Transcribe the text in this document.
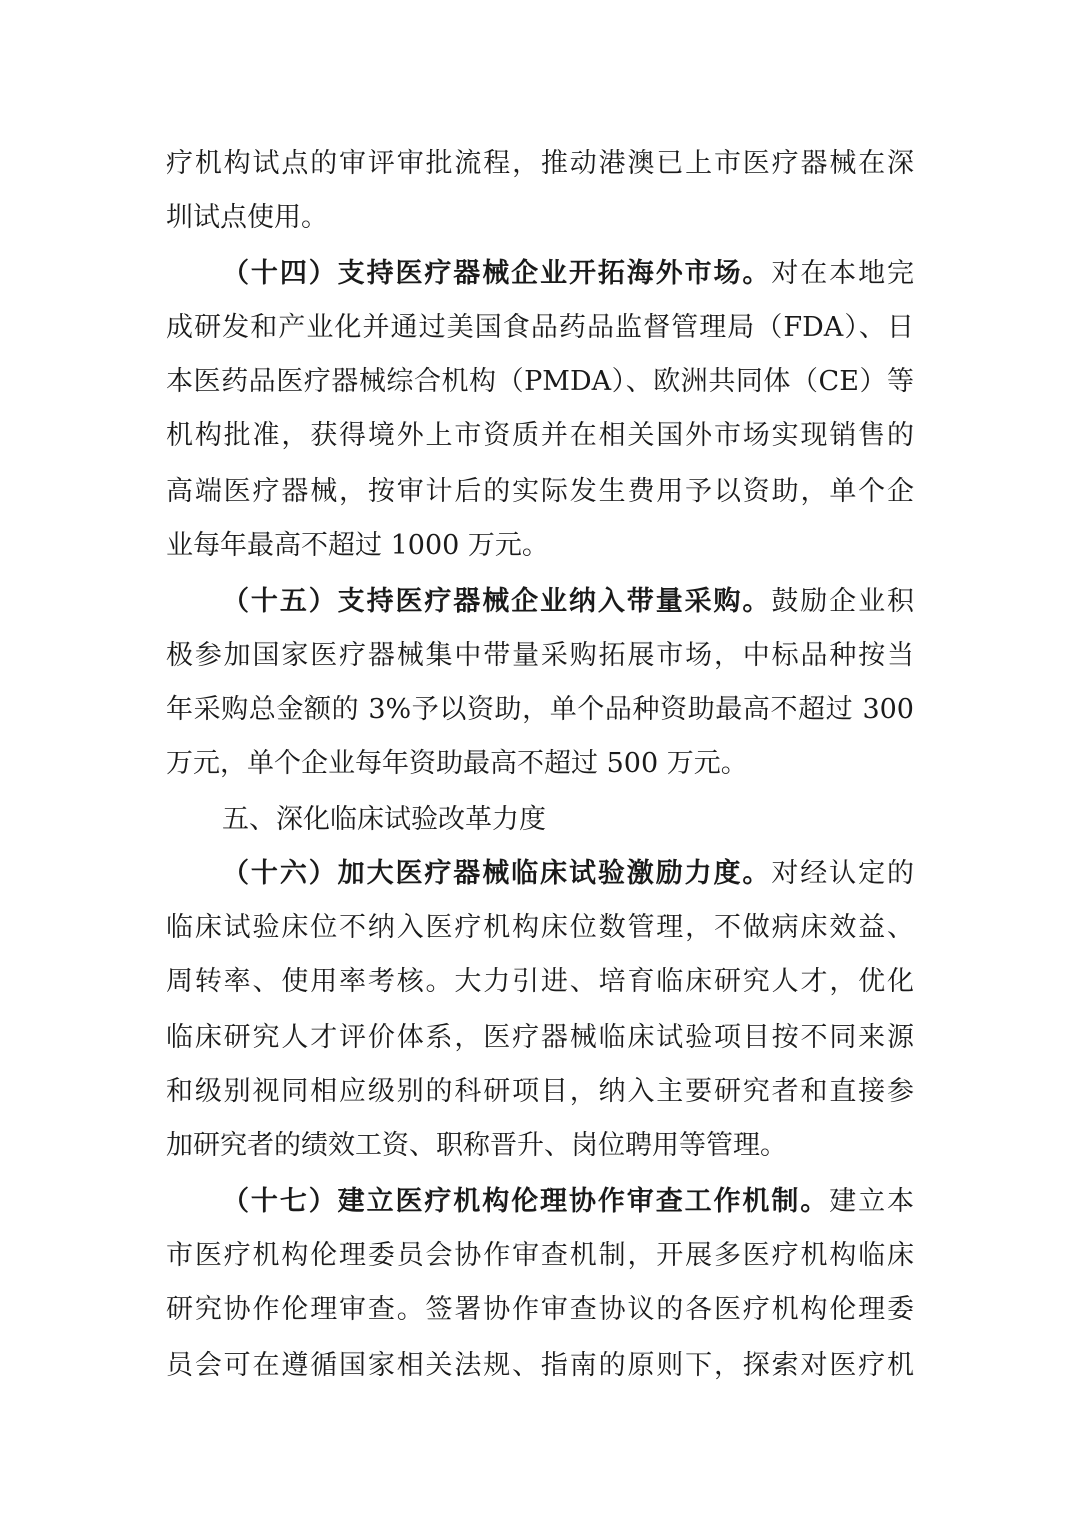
疗机构试点的审评审批流程，推动港澳已上市医疗器械在深
圳试点使用。
（十四）支持医疗器械企业开拓海外市场。对在本地完
成研发和产业化并通过美国食品药品监督管理局（FDA）、日
本医药品医疗器械综合机构（PMDA）、欧洲共同体（CE）等
机构批准，获得境外上市资质并在相关国外市场实现销售的
高端医疗器械，按审计后的实际发生费用予以资助，单个企
业每年最高不超过 1000 万元。
（十五）支持医疗器械企业纳入带量采购。鼓励企业积
极参加国家医疗器械集中带量采购拓展市场，中标品种按当
年采购总金额的 3%予以资助，单个品种资助最高不超过 300
万元，单个企业每年资助最高不超过 500 万元。
五、深化临床试验改革力度
（十六）加大医疗器械临床试验激励力度。对经认定的
临床试验床位不纳入医疗机构床位数管理，不做病床效益、
周转率、使用率考核。大力引进、培育临床研究人才，优化
临床研究人才评价体系，医疗器械临床试验项目按不同来源
和级别视同相应级别的科研项目，纳入主要研究者和直接参
加研究者的绩效工资、职称晋升、岗位聘用等管理。
（十七）建立医疗机构伦理协作审查工作机制。建立本
市医疗机构伦理委员会协作审查机制，开展多医疗机构临床
研究协作伦理审查。签署协作审查协议的各医疗机构伦理委
员会可在遵循国家相关法规、指南的原则下，探索对医疗机
